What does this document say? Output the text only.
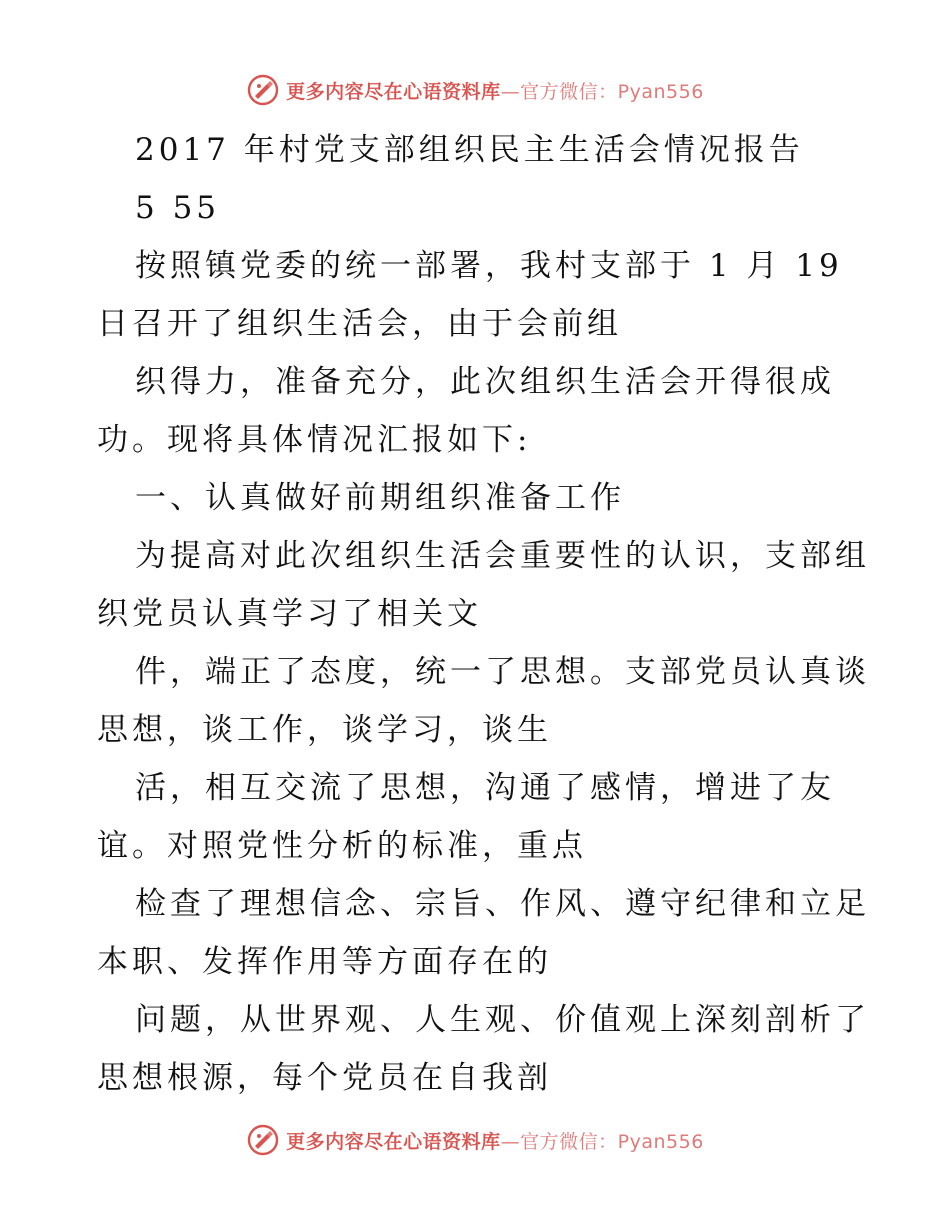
更多内容尽在心语资料库—官方微信：Pyan556
2017 年村党支部组织民主生活会情况报告
5 55
按照镇党委的统一部署，我村支部于 1 月 19
日召开了组织生活会，由于会前组
织得力，准备充分，此次组织生活会开得很成
功。现将具体情况汇报如下:
一、认真做好前期组织准备工作
为提高对此次组织生活会重要性的认识，支部组
织党员认真学习了相关文
件，端正了态度，统一了思想。支部党员认真谈
思想，谈工作，谈学习，谈生
活，相互交流了思想，沟通了感情，增进了友
谊。对照党性分析的标准，重点
检查了理想信念、宗旨、作风、遵守纪律和立足
本职、发挥作用等方面存在的
问题，从世界观、人生观、价值观上深刻剖析了
思想根源，每个党员在自我剖
更多内容尽在心语资料库—官方微信：Pyan556
